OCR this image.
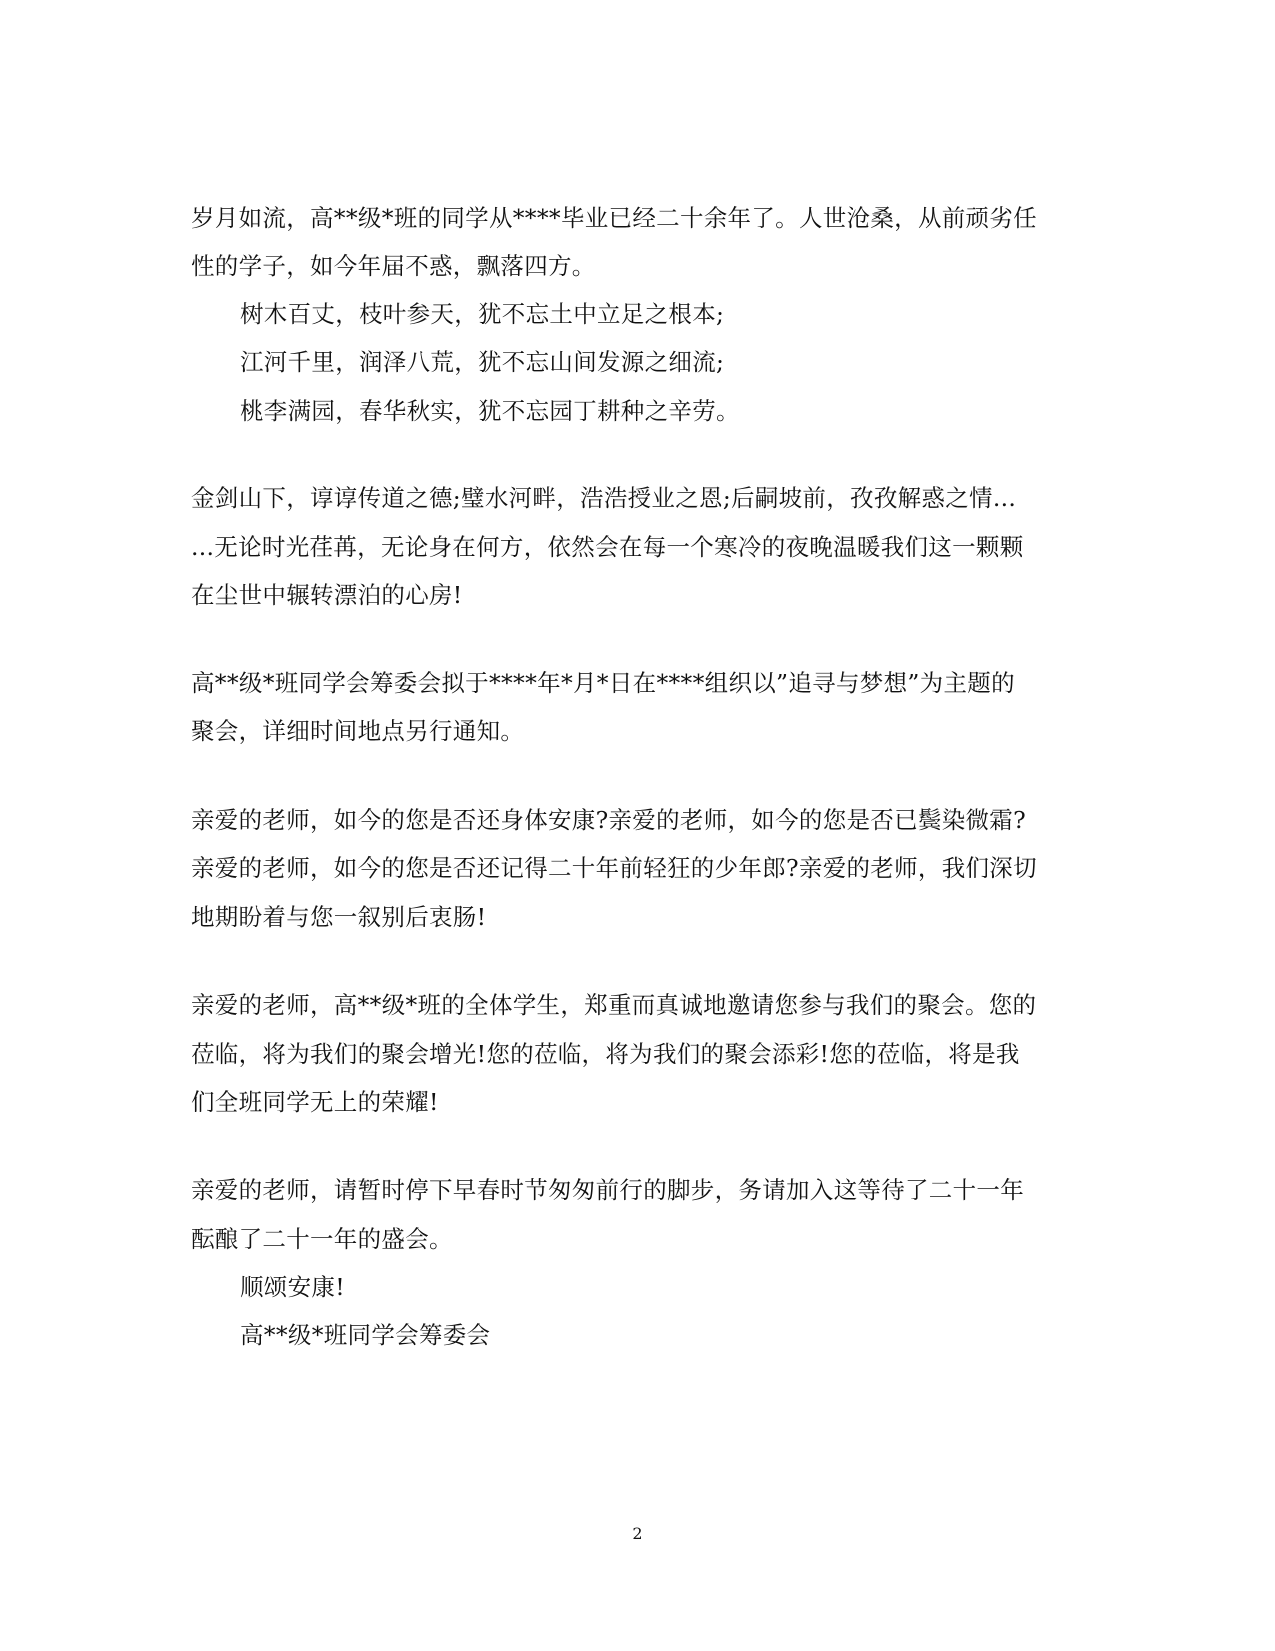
岁月如流，高**级*班的同学从****毕业已经二十余年了。人世沧桑，从前顽劣任
性的学子，如今年届不惑，飘落四方。
树木百丈，枝叶参天，犹不忘土中立足之根本;
江河千里，润泽八荒，犹不忘山间发源之细流;
桃李满园，春华秋实，犹不忘园丁耕种之辛劳。
金剑山下，谆谆传道之德;璧水河畔，浩浩授业之恩;后嗣坡前，孜孜解惑之情...
...无论时光荏苒，无论身在何方，依然会在每一个寒冷的夜晚温暖我们这一颗颗
在尘世中辗转漂泊的心房!
高**级*班同学会筹委会拟于****年*月*日在****组织以”追寻与梦想”为主题的
聚会，详细时间地点另行通知。
亲爱的老师，如今的您是否还身体安康?亲爱的老师，如今的您是否已鬓染微霜?
亲爱的老师，如今的您是否还记得二十年前轻狂的少年郎?亲爱的老师，我们深切
地期盼着与您一叙别后衷肠!
亲爱的老师，高**级*班的全体学生，郑重而真诚地邀请您参与我们的聚会。您的
莅临，将为我们的聚会增光!您的莅临，将为我们的聚会添彩!您的莅临，将是我
们全班同学无上的荣耀!
亲爱的老师，请暂时停下早春时节匆匆前行的脚步，务请加入这等待了二十一年
酝酿了二十一年的盛会。
顺颂安康!
高**级*班同学会筹委会
2
